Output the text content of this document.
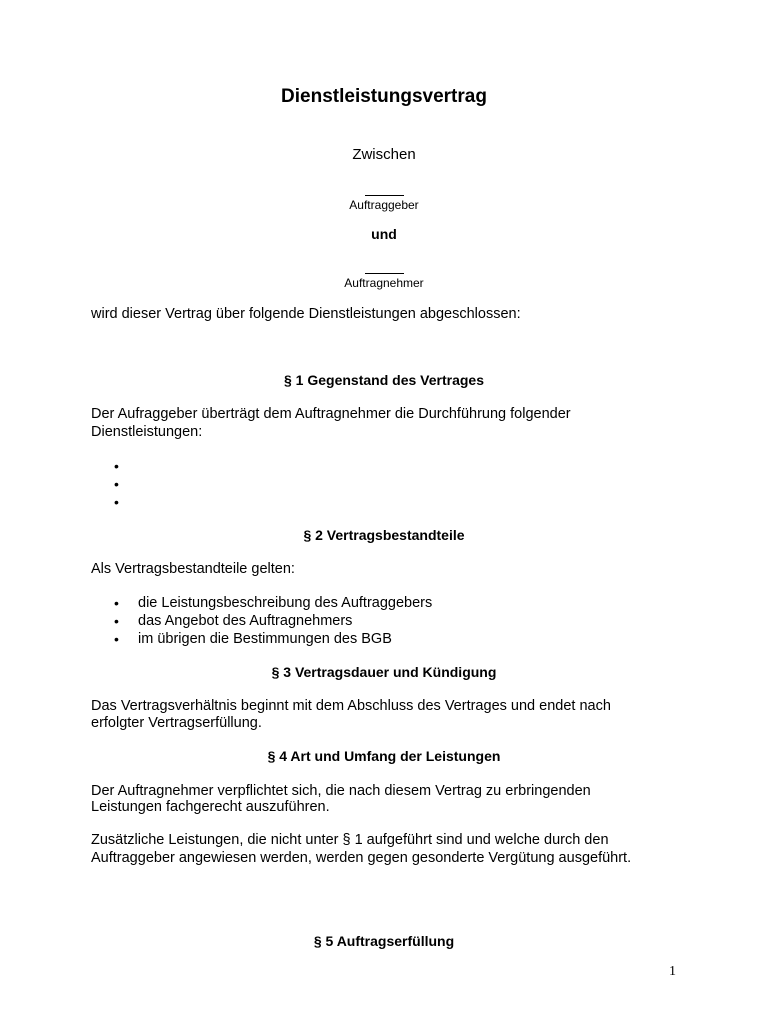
Dienstleistungsvertrag
Zwischen
Auftraggeber
und
Auftragnehmer
wird dieser Vertrag über folgende Dienstleistungen abgeschlossen:
§ 1 Gegenstand des Vertrages
Der Aufraggeber überträgt dem Auftragnehmer die Durchführung folgender
Dienstleistungen:
•
•
•
§ 2 Vertragsbestandteile
Als Vertragsbestandteile gelten:
• die Leistungsbeschreibung des Auftraggebers
• das Angebot des Auftragnehmers
• im übrigen die Bestimmungen des BGB
§ 3 Vertragsdauer und Kündigung
Das Vertragsverhältnis beginnt mit dem Abschluss des Vertrages und endet nach
erfolgter Vertragserfüllung.
§ 4 Art und Umfang der Leistungen
Der Auftragnehmer verpflichtet sich, die nach diesem Vertrag zu erbringenden
Leistungen fachgerecht auszuführen.
Zusätzliche Leistungen, die nicht unter § 1 aufgeführt sind und welche durch den
Auftraggeber angewiesen werden, werden gegen gesonderte Vergütung ausgeführt.
§ 5 Auftragserfüllung
1
